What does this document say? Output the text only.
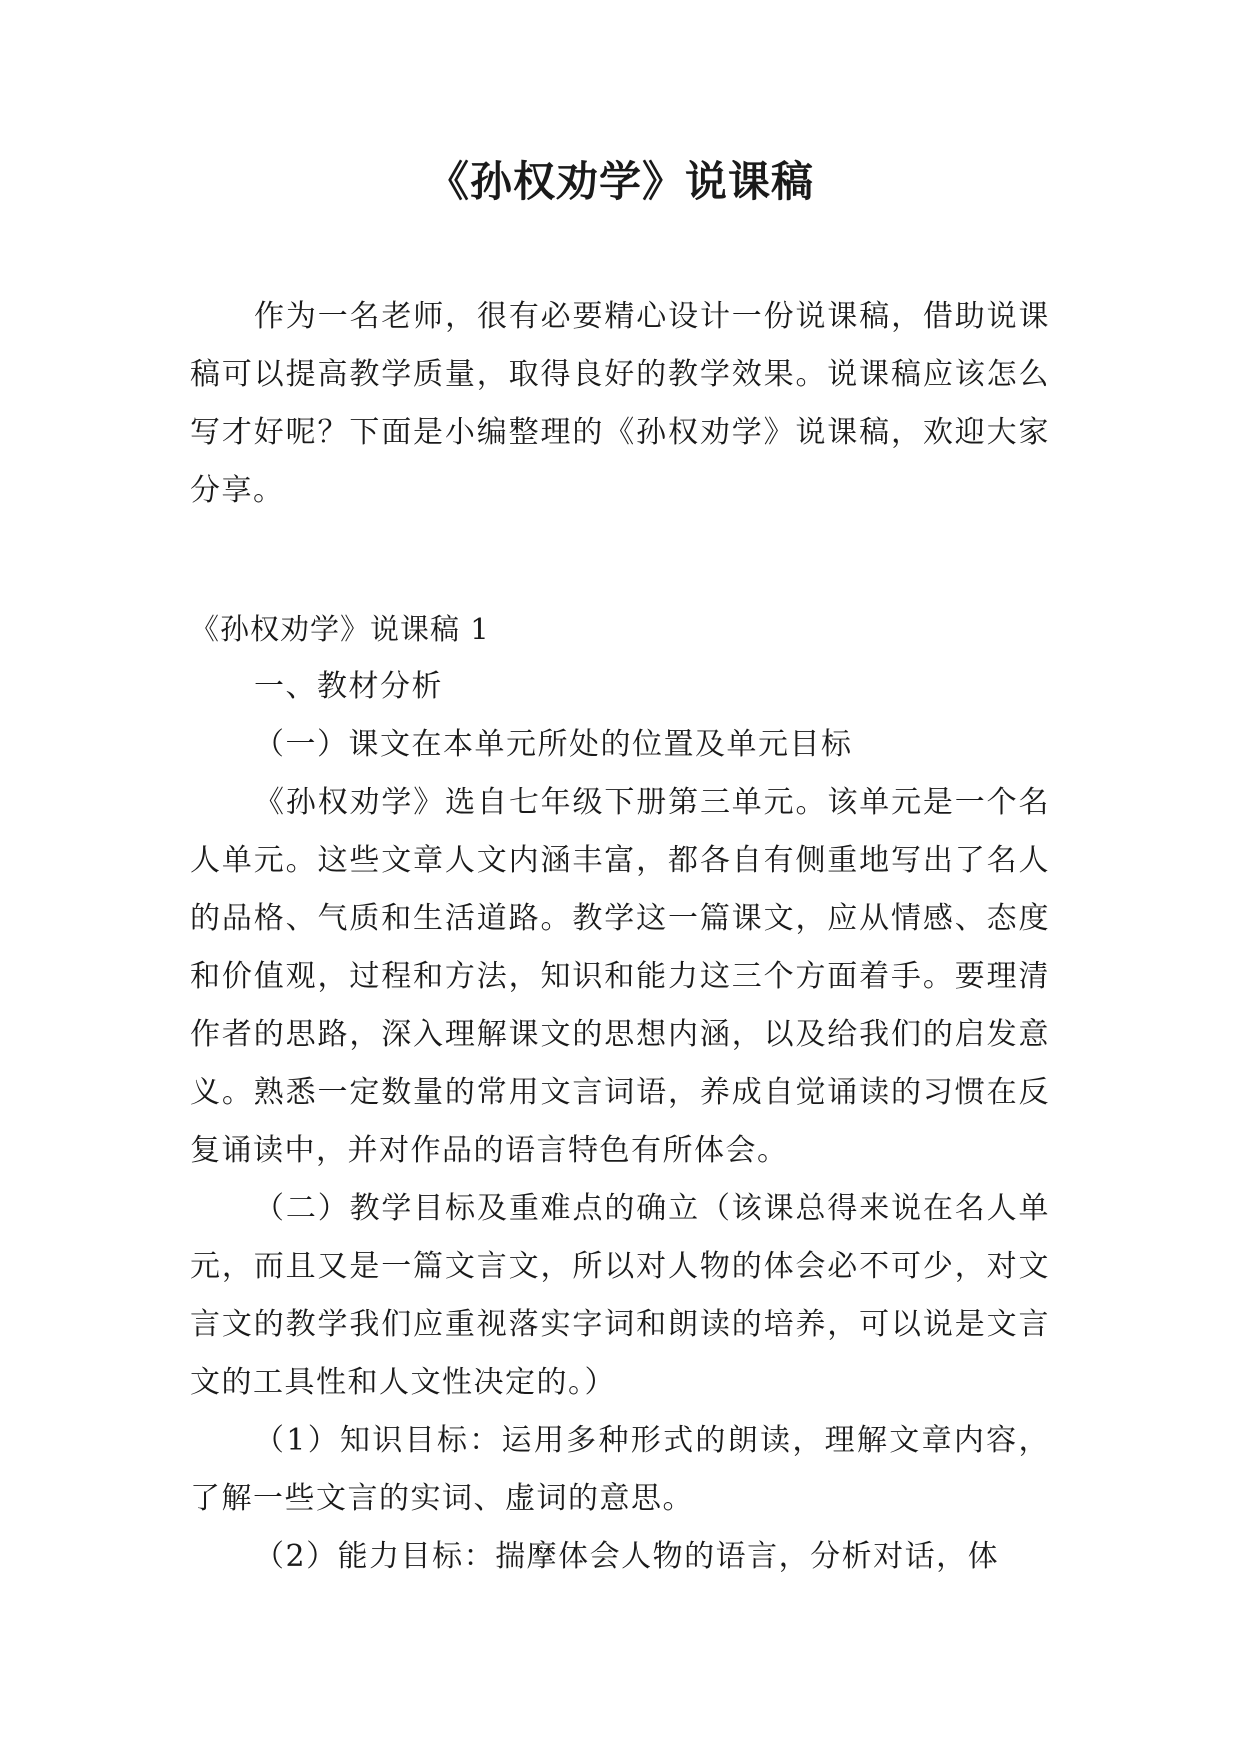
《孙权劝学》说课稿

作为一名老师，很有必要精心设计一份说课稿，借助说课稿可以提高教学质量，取得良好的教学效果。说课稿应该怎么写才好呢？下面是小编整理的《孙权劝学》说课稿，欢迎大家分享。

《孙权劝学》说课稿 1

一、教材分析

（一）课文在本单元所处的位置及单元目标

《孙权劝学》选自七年级下册第三单元。该单元是一个名人单元。这些文章人文内涵丰富，都各自有侧重地写出了名人的品格、气质和生活道路。教学这一篇课文，应从情感、态度和价值观，过程和方法，知识和能力这三个方面着手。要理清作者的思路，深入理解课文的思想内涵，以及给我们的启发意义。熟悉一定数量的常用文言词语，养成自觉诵读的习惯在反复诵读中，并对作品的语言特色有所体会。

（二）教学目标及重难点的确立（该课总得来说在名人单元，而且又是一篇文言文，所以对人物的体会必不可少，对文言文的教学我们应重视落实字词和朗读的培养，可以说是文言文的工具性和人文性决定的。）

（1）知识目标：运用多种形式的朗读，理解文章内容，了解一些文言的实词、虚词的意思。

（2）能力目标：揣摩体会人物的语言，分析对话，体
